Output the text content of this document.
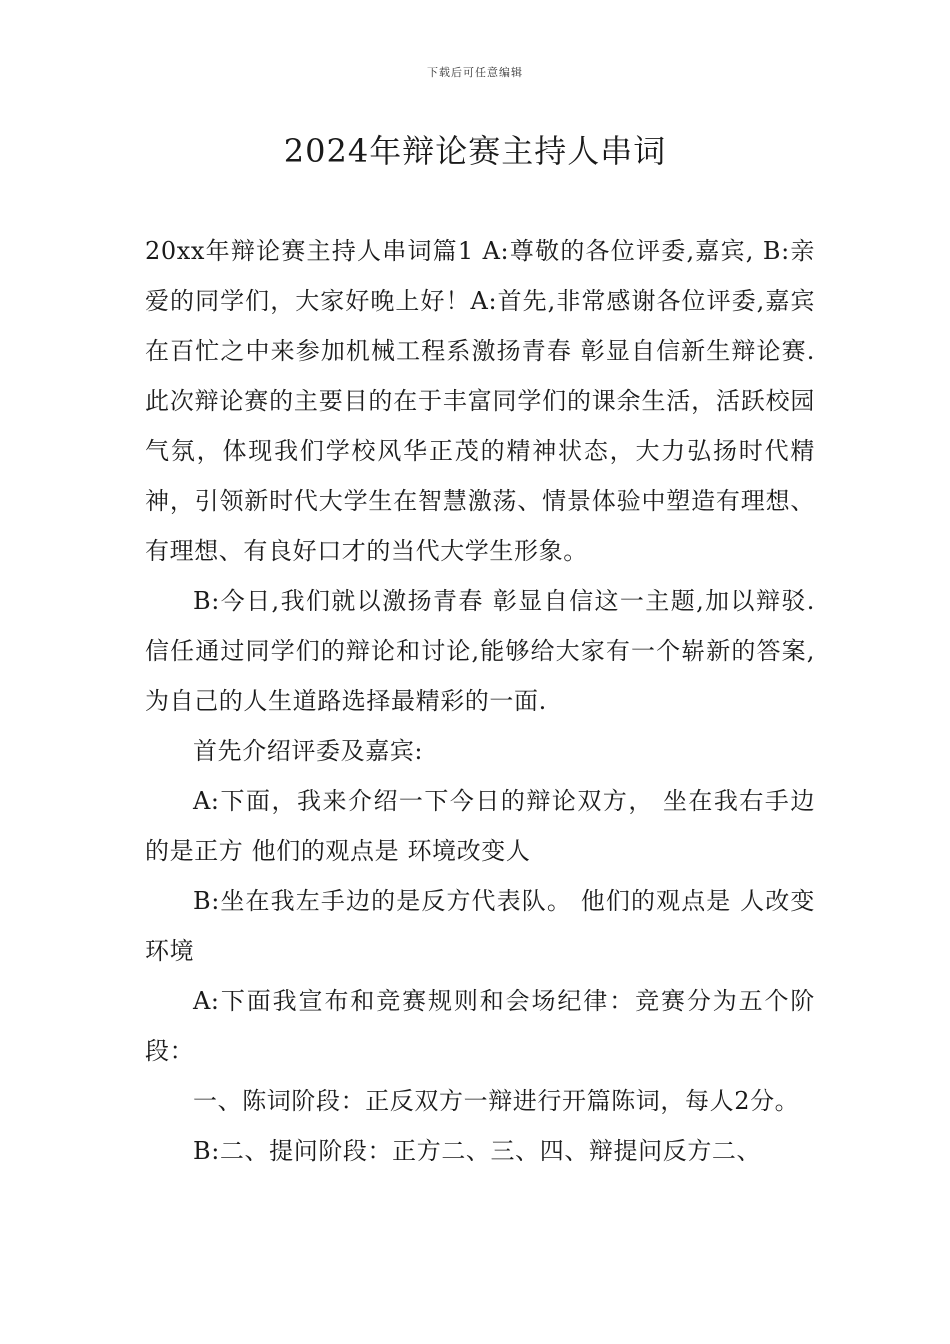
下载后可任意编辑
2024年辩论赛主持人串词

20xx年辩论赛主持人串词篇1 A:尊敬的各位评委,嘉宾, B:亲爱的同学们，大家好晚上好！A:首先,非常感谢各位评委,嘉宾在百忙之中来参加机械工程系激扬青春 彰显自信新生辩论赛.此次辩论赛的主要目的在于丰富同学们的课余生活，活跃校园气氛，体现我们学校风华正茂的精神状态，大力弘扬时代精神，引领新时代大学生在智慧激荡、情景体验中塑造有理想、有理想、有良好口才的当代大学生形象。

B:今日,我们就以激扬青春 彰显自信这一主题,加以辩驳.信任通过同学们的辩论和讨论,能够给大家有一个崭新的答案,为自己的人生道路选择最精彩的一面.

首先介绍评委及嘉宾:

A:下面，我来介绍一下今日的辩论双方， 坐在我右手边的是正方 他们的观点是 环境改变人

B:坐在我左手边的是反方代表队。 他们的观点是 人改变环境

A:下面我宣布和竞赛规则和会场纪律：竞赛分为五个阶段：

一、陈词阶段：正反双方一辩进行开篇陈词，每人2分。

B:二、提问阶段：正方二、三、四、辩提问反方二、
